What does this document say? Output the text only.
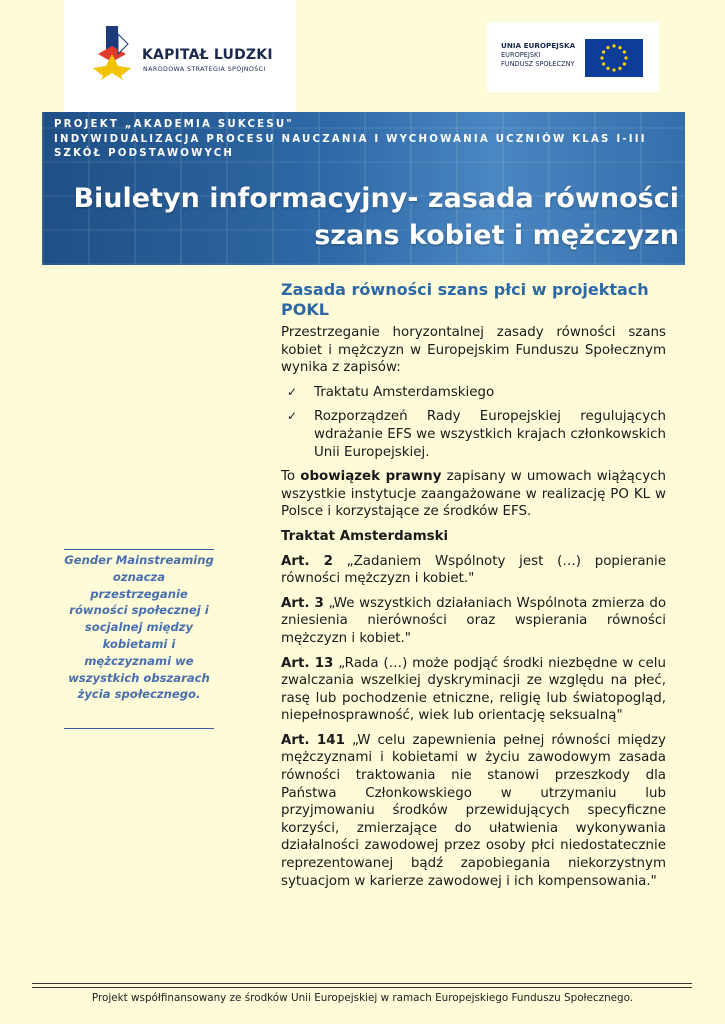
KAPITAŁ LUDZKI
NARODOWA STRATEGIA SPÓJNOŚCI
UNIA EUROPEJSKA
EUROPEJSKI
FUNDUSZ SPOŁECZNY
PROJEKT „AKADEMIA SUKCESU"
INDYWIDUALIZACJA PROCESU NAUCZANIA I WYCHOWANIA UCZNIÓW KLAS I-III
SZKÓŁ PODSTAWOWYCH
Biuletyn informacyjny- zasada równości
szans kobiet i mężczyzn
Gender Mainstreaming oznacza przestrzeganie równości społecznej i socjalnej między kobietami i mężczyznami we wszystkich obszarach życia społecznego.
Zasada równości szans płci w projektach POKL

Przestrzeganie horyzontalnej zasady równości szans kobiet i mężczyzn w Europejskim Funduszu Społecznym wynika z zapisów:

✓ Traktatu Amsterdamskiego
✓ Rozporządzeń Rady Europejskiej regulujących wdrażanie EFS we wszystkich krajach członkowskich Unii Europejskiej.

To obowiązek prawny zapisany w umowach wiążących wszystkie instytucje zaangażowane w realizację PO KL w Polsce i korzystające ze środków EFS.

Traktat Amsterdamski

Art. 2 „Zadaniem Wspólnoty jest (…) popieranie równości mężczyzn i kobiet."

Art. 3 „We wszystkich działaniach Wspólnota zmierza do zniesienia nierówności oraz wspierania równości mężczyzn i kobiet."

Art. 13 „Rada (…) może podjąć środki niezbędne w celu zwalczania wszelkiej dyskryminacji ze względu na płeć, rasę lub pochodzenie etniczne, religię lub światopogląd, niepełnosprawność, wiek lub orientację seksualną"

Art. 141 „W celu zapewnienia pełnej równości między mężczyznami i kobietami w życiu zawodowym zasada równości traktowania nie stanowi przeszkody dla Państwa Członkowskiego w utrzymaniu lub przyjmowaniu środków przewidujących specyficzne korzyści, zmierzające do ułatwienia wykonywania działalności zawodowej przez osoby płci niedostatecznie reprezentowanej bądź zapobiegania niekorzystnym sytuacjom w karierze zawodowej i ich kompensowania."

Projekt współfinansowany ze środków Unii Europejskiej w ramach Europejskiego Funduszu Społecznego.
